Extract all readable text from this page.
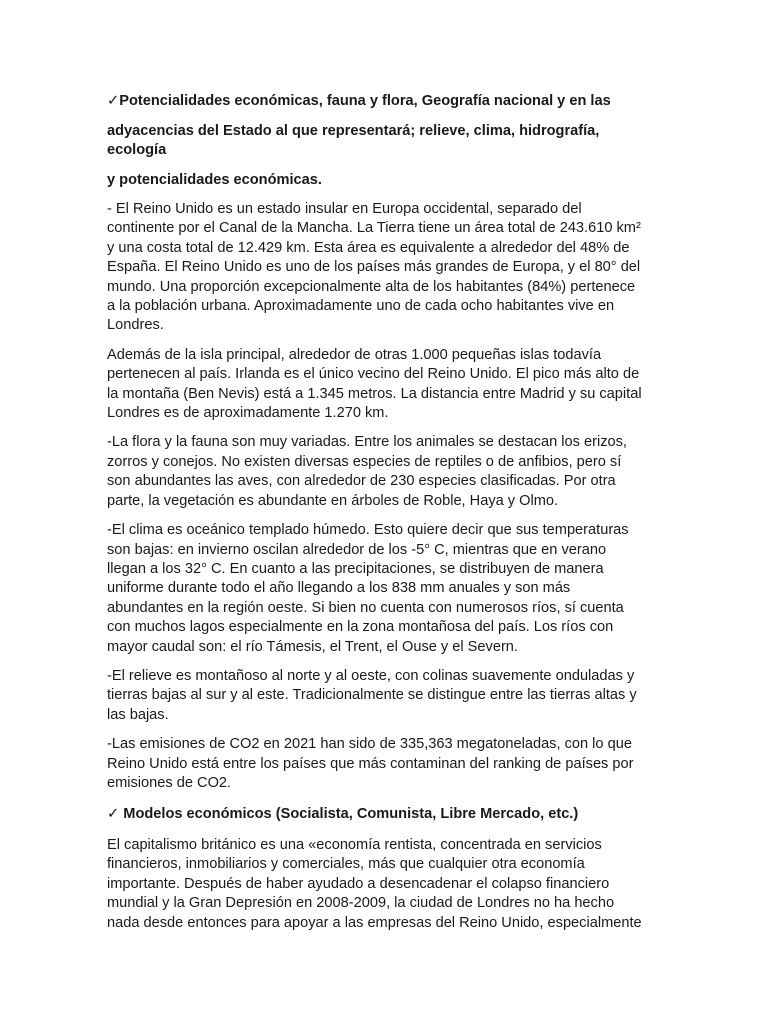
✓Potencialidades económicas, fauna y flora, Geografía nacional y en las

adyacencias del Estado al que representará; relieve, clima, hidrografía,
ecología

y potencialidades económicas.

- El Reino Unido es un estado insular en Europa occidental, separado del
continente por el Canal de la Mancha. La Tierra tiene un área total de 243.610 km²
y una costa total de 12.429 km. Esta área es equivalente a alrededor del 48% de
España. El Reino Unido es uno de los países más grandes de Europa, y el 80° del
mundo. Una proporción excepcionalmente alta de los habitantes (84%) pertenece
a la población urbana. Aproximadamente uno de cada ocho habitantes vive en
Londres.

Además de la isla principal, alrededor de otras 1.000 pequeñas islas todavía
pertenecen al país. Irlanda es el único vecino del Reino Unido. El pico más alto de
la montaña (Ben Nevis) está a 1.345 metros. La distancia entre Madrid y su capital
Londres es de aproximadamente 1.270 km.

-La flora y la fauna son muy variadas. Entre los animales se destacan los erizos,
zorros y conejos. No existen diversas especies de reptiles o de anfibios, pero sí
son abundantes las aves, con alrededor de 230 especies clasificadas. Por otra
parte, la vegetación es abundante en árboles de Roble, Haya y Olmo.

-El clima es oceánico templado húmedo. Esto quiere decir que sus temperaturas
son bajas: en invierno oscilan alrededor de los -5° C, mientras que en verano
llegan a los 32° C. En cuanto a las precipitaciones, se distribuyen de manera
uniforme durante todo el año llegando a los 838 mm anuales y son más
abundantes en la región oeste. Si bien no cuenta con numerosos ríos, sí cuenta
con muchos lagos especialmente en la zona montañosa del país. Los ríos con
mayor caudal son: el río Támesis, el Trent, el Ouse y el Severn.

-El relieve es montañoso al norte y al oeste, con colinas suavemente onduladas y
tierras bajas al sur y al este. Tradicionalmente se distingue entre las tierras altas y
las bajas.

-Las emisiones de CO2 en 2021 han sido de 335,363 megatoneladas, con lo que
Reino Unido está entre los países que más contaminan del ranking de países por
emisiones de CO2.

✓ Modelos económicos (Socialista, Comunista, Libre Mercado, etc.)

El capitalismo británico es una «economía rentista, concentrada en servicios
financieros, inmobiliarios y comerciales, más que cualquier otra economía
importante. Después de haber ayudado a desencadenar el colapso financiero
mundial y la Gran Depresión en 2008-2009, la ciudad de Londres no ha hecho
nada desde entonces para apoyar a las empresas del Reino Unido, especialmente
